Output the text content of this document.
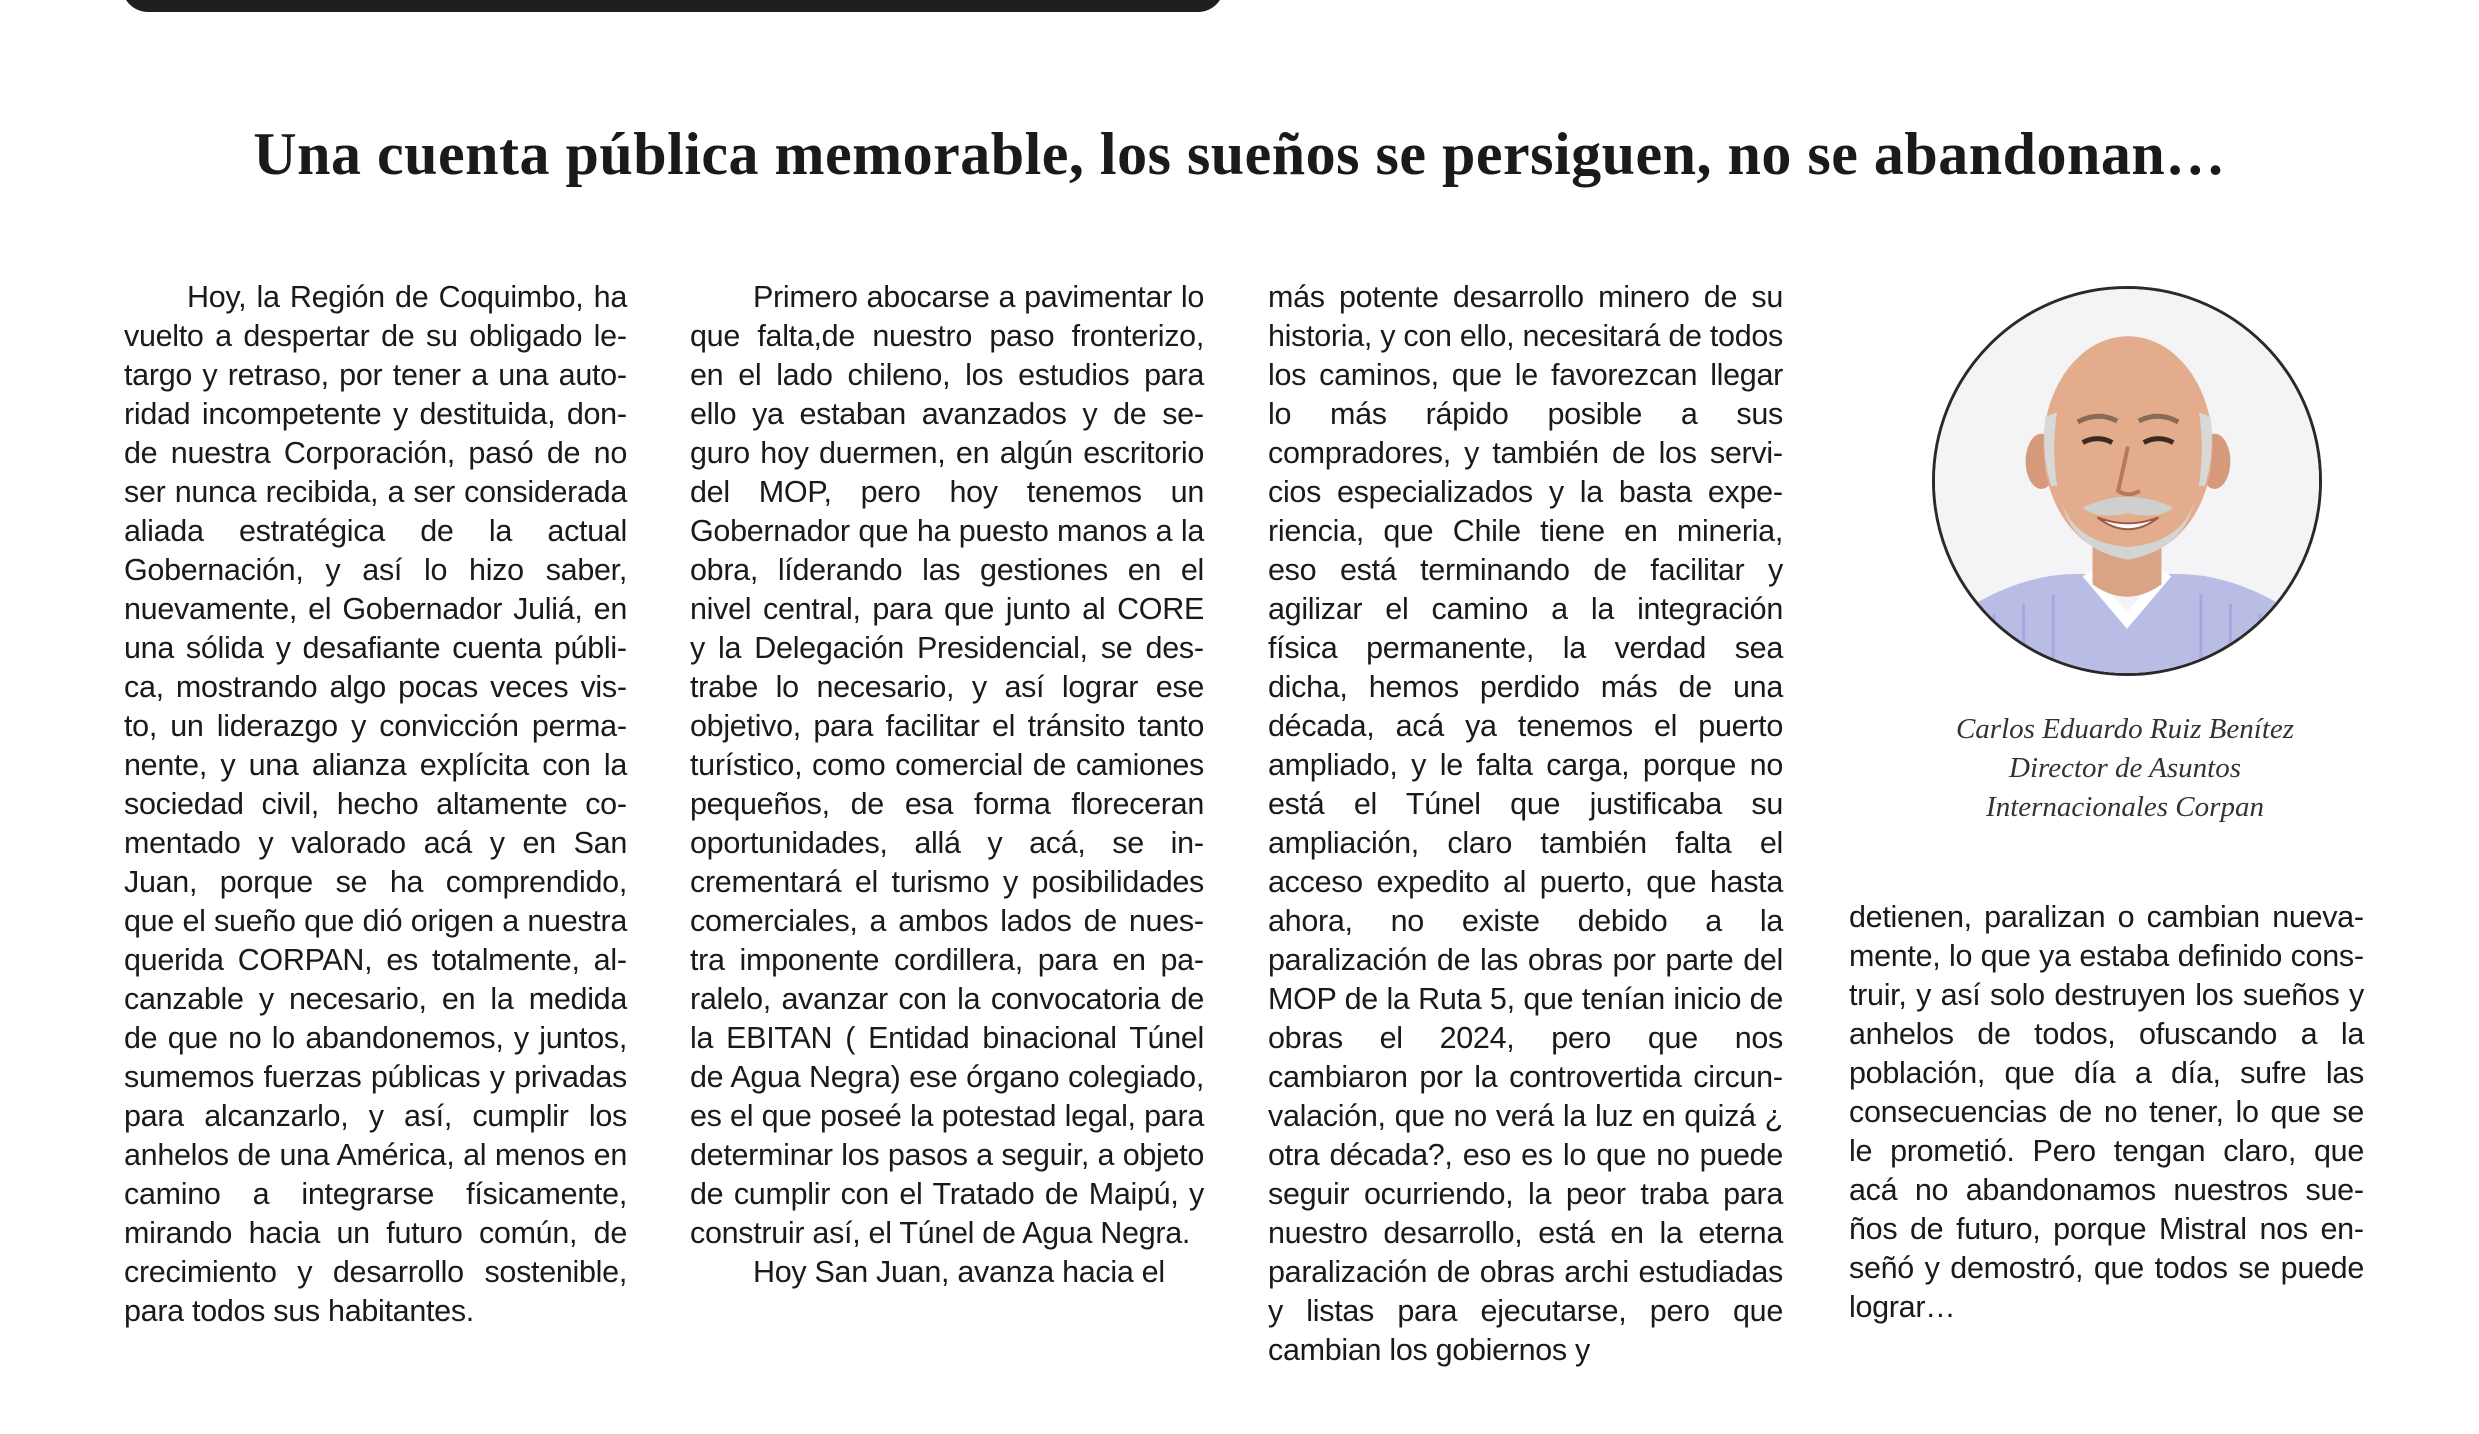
Una cuenta pública memorable, los sueños se persiguen, no se abandonan…

Hoy, la Región de Coquimbo, ha vuelto a despertar de su obligado letargo y retraso, por tener a una autoridad incompetente y destituida, donde nuestra Corporación, pasó de no ser nunca recibida, a ser considerada aliada estratégica de la actual Gobernación, y así lo hizo saber, nuevamente, el Gobernador Juliá, en una sólida y desafiante cuenta pública, mostrando algo pocas veces visto, un liderazgo y convicción permanente, y una alianza explícita con la sociedad civil, hecho altamente comentado y valorado acá y en San Juan, porque se ha comprendido, que el sueño que dió origen a nuestra querida CORPAN, es totalmente, alcanzable y necesario, en la medida de que no lo abandonemos, y juntos, sumemos fuerzas públicas y privadas para alcanzarlo, y así, cumplir los anhelos de una América, al menos en camino a integrarse físicamente, mirando hacia un futuro común, de crecimiento y desarrollo sostenible, para todos sus habitantes.

Primero abocarse a pavimentar lo que falta,de nuestro paso fronterizo, en el lado chileno, los estudios para ello ya estaban avanzados y de seguro hoy duermen, en algún escritorio del MOP, pero hoy tenemos un Gobernador que ha puesto manos a la obra, líderando las gestiones en el nivel central, para que junto al CORE y la Delegación Presidencial, se destrabe lo necesario, y así lograr ese objetivo, para facilitar el tránsito tanto turístico, como comercial de camiones pequeños, de esa forma floreceran oportunidades, allá y acá, se incrementará el turismo y posibilidades comerciales, a ambos lados de nuestra imponente cordillera, para en paralelo, avanzar con la convocatoria de la EBITAN ( Entidad binacional Túnel de Agua Negra) ese órgano colegiado, es el que poseé la potestad legal, para determinar los pasos a seguir, a objeto de cumplir con el Tratado de Maipú, y construir así, el Túnel de Agua Negra.

Hoy San Juan, avanza hacia el

más potente desarrollo minero de su historia, y con ello, necesitará de todos los caminos, que le favorezcan llegar lo más rápido posible a sus compradores, y también de los servicios especializados y la basta experiencia, que Chile tiene en mineria, eso está terminando de facilitar y agilizar el camino a la integración física permanente, la verdad sea dicha, hemos perdido más de una década, acá ya tenemos el puerto ampliado, y le falta carga, porque no está el Túnel que justificaba su ampliación, claro también falta el acceso expedito al puerto, que hasta ahora, no existe debido a la paralización de las obras por parte del MOP de la Ruta 5, que tenían inicio de obras el 2024, pero que nos cambiaron por la controvertida circunvalación, que no verá la luz en quizá ¿ otra década?, eso es lo que no puede seguir ocurriendo, la peor traba para nuestro desarrollo, está en la eterna paralización de obras archi estudiadas y listas para ejecutarse, pero que cambian los gobiernos y

Carlos Eduardo Ruiz Benítez
Director de Asuntos
Internacionales Corpan

detienen, paralizan o cambian nuevamente, lo que ya estaba definido construir, y así solo destruyen los sueños y anhelos de todos, ofuscando a la población, que día a día, sufre las consecuencias de no tener, lo que se le prometió. Pero tengan claro, que acá no abandonamos nuestros sueños de futuro, porque Mistral nos enseñó y demostró, que todos se puede lograr…
